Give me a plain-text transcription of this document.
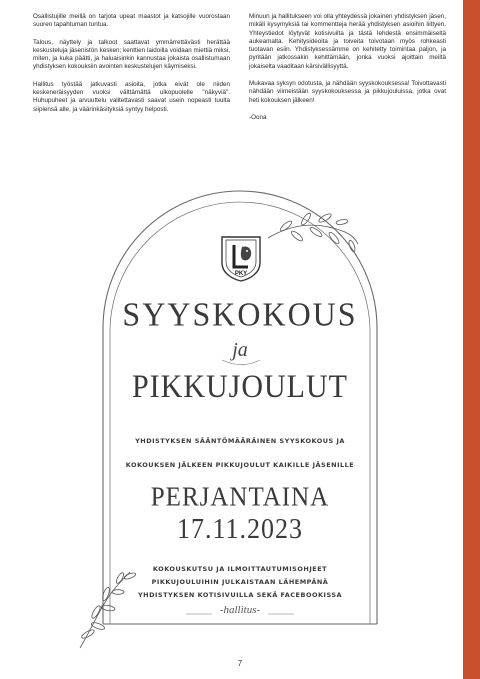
Osallistujille meillä on tarjota upeat maastot ja katsojille vuorostaan suuren tapahtuman tuntua.

Talous, näyttely ja talkoot saattavat ymmärrettävästi herättää keskusteluja jäsenistön kesken; kenttien laidoilla voidaan miettiä miksi, miten, ja kuka päätti, ja haluaisinkin kannustaa jokaista osallistumaan yhdistyksen kokouksiin avointen keskustelujen käymiseksi.

Hallitus työstää jatkuvasti asioita, jotka eivät ole niiden keskeneräisyyden vuoksi välttämättä ulkopuolelle "näkyviä". Huhupuheet ja arvuuttelu valitettavasti saavat usein nopeasti tuulta siipiensä alle, ja väärinkäsityksiä syntyy helposti.

Minuun ja hallitukseen voi olla yhteydessä jokainen yhdistyksen jäsen, mikäli kysymyksiä tai kommentteja herää yhdistyksen asioihin liittyen. Yhteystiedot löytyvät kotisivuilta ja tästä lehdestä ensimmäiseltä aukeamalta. Kehitysideoita ja toiveita toivotaan myös rohkeasti tuotavan esiin. Yhdistyksessämme on kehitetty toimintaa paljon, ja pyritään jatkossakin kehittämään, jonka vuoksi ajoittain meiltä jokaiselta vaaditaan kärsivällisyyttä.

Mukavaa syksyn odotusta, ja nähdään syyskokouksessa! Toivottavasti nähdään viimeistään syyskokouksessa ja pikkujouluissa, jotka ovat heti kokouksen jälkeen!

-Oona

PKY
SYYSKOKOUS
ja
PIKKUJOULUT
YHDISTYKSEN SÄÄNTÖMÄÄRÄINEN SYYSKOKOUS JA
KOKOUKSEN JÄLKEEN PIKKUJOULUT KAIKILLE JÄSENILLE
PERJANTAINA
17.11.2023
KOKOUSKUTSU JA ILMOITTAUTUMISOHJEET
PIKKUJOULUIHIN JULKAISTAAN LÄHEMPÄNÄ
YHDISTYKSEN KOTISIVUILLA SEKÄ FACEBOOKISSA
-hallitus-
7
